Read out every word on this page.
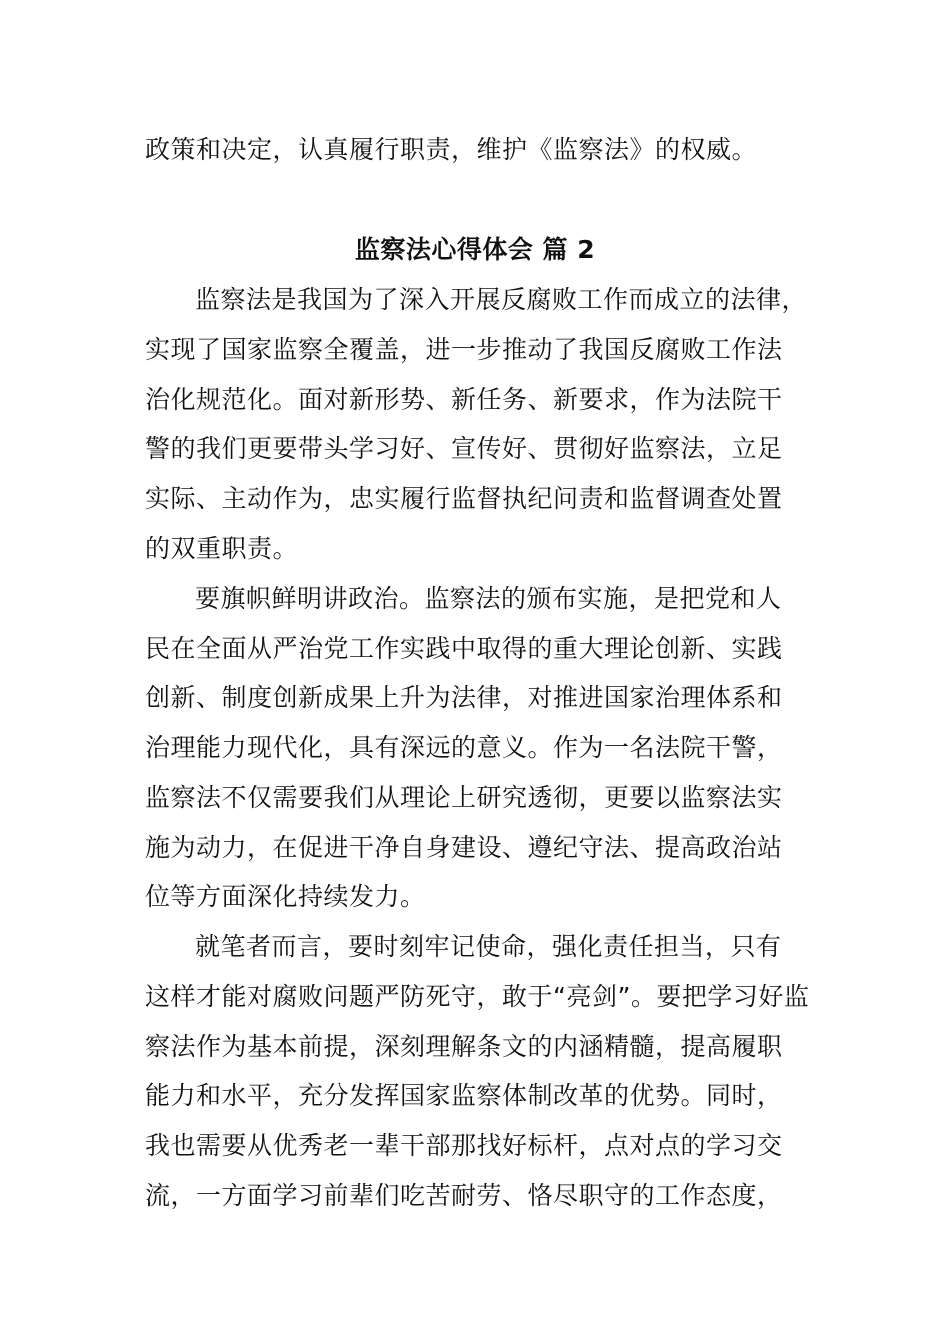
政策和决定，认真履行职责，维护《监察法》的权威。
监察法心得体会 篇 2
监察法是我国为了深入开展反腐败工作而成立的法律，
实现了国家监察全覆盖，进一步推动了我国反腐败工作法
治化规范化。面对新形势、新任务、新要求，作为法院干
警的我们更要带头学习好、宣传好、贯彻好监察法，立足
实际、主动作为，忠实履行监督执纪问责和监督调查处置
的双重职责。
要旗帜鲜明讲政治。监察法的颁布实施，是把党和人
民在全面从严治党工作实践中取得的重大理论创新、实践
创新、制度创新成果上升为法律，对推进国家治理体系和
治理能力现代化，具有深远的意义。作为一名法院干警，
监察法不仅需要我们从理论上研究透彻，更要以监察法实
施为动力，在促进干净自身建设、遵纪守法、提高政治站
位等方面深化持续发力。
就笔者而言，要时刻牢记使命，强化责任担当，只有
这样才能对腐败问题严防死守，敢于“亮剑”。要把学习好监
察法作为基本前提，深刻理解条文的内涵精髓，提高履职
能力和水平，充分发挥国家监察体制改革的优势。同时，
我也需要从优秀老一辈干部那找好标杆，点对点的学习交
流，一方面学习前辈们吃苦耐劳、恪尽职守的工作态度，
